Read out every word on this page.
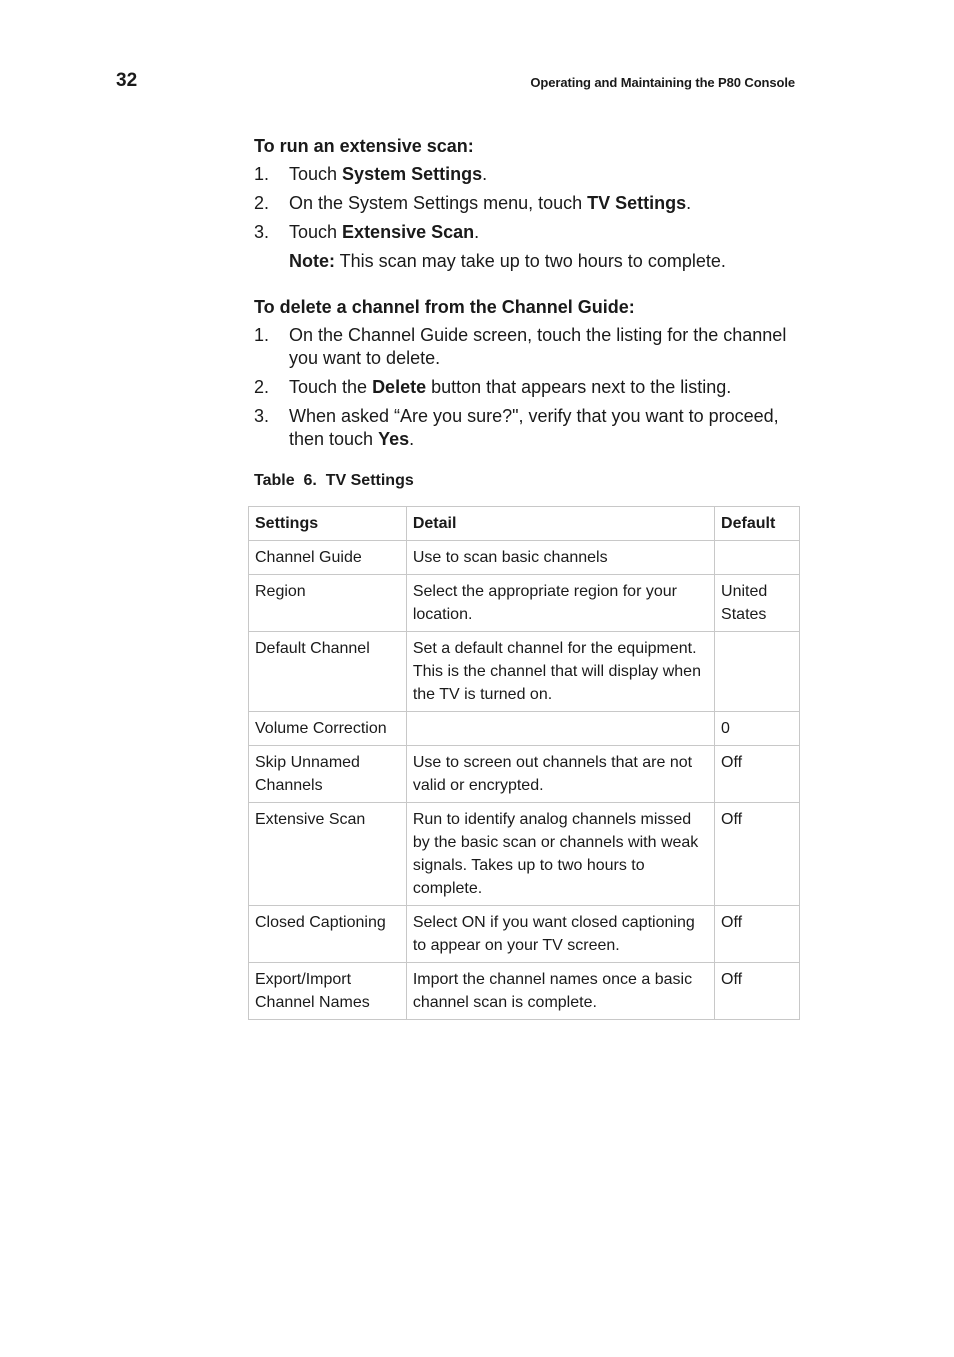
32	Operating and Maintaining the P80 Console
To run an extensive scan:
1. Touch System Settings.
2. On the System Settings menu, touch TV Settings.
3. Touch Extensive Scan.
Note: This scan may take up to two hours to complete.
To delete a channel from the Channel Guide:
1. On the Channel Guide screen, touch the listing for the channel you want to delete.
2. Touch the Delete button that appears next to the listing.
3. When asked “Are you sure?", verify that you want to proceed, then touch Yes.
Table  6.  TV Settings
Settings	Detail	Default
Channel Guide	Use to scan basic channels	
Region	Select the appropriate region for your location.	United States
Default Channel	Set a default channel for the equipment. This is the channel that will display when the TV is turned on.	
Volume Correction		0
Skip Unnamed Channels	Use to screen out channels that are not valid or encrypted.	Off
Extensive Scan	Run to identify analog channels missed by the basic scan or channels with weak signals. Takes up to two hours to complete.	Off
Closed Captioning	Select ON if you want closed captioning to appear on your TV screen.	Off
Export/Import Channel Names	Import the channel names once a basic channel scan is complete.	Off
